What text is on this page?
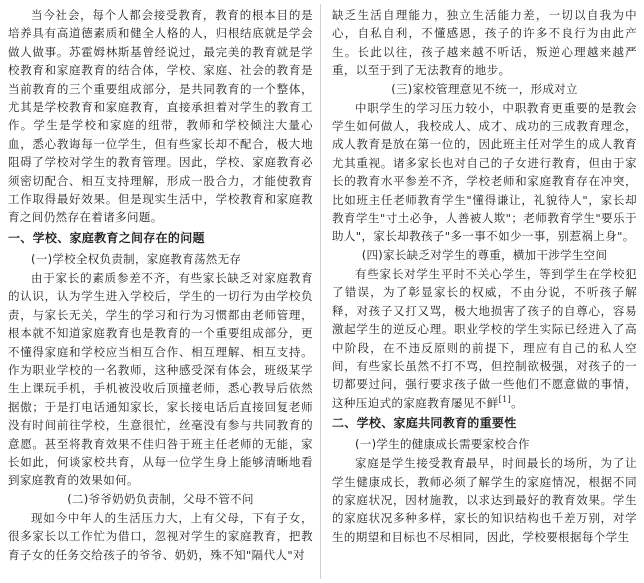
当今社会，每个人都会接受教育，教育的根本目的是培养具有高道德素质和健全人格的人，归根结底就是学会做人做事。苏霍姆林斯基曾经说过，最完美的教育就是学校教育和家庭教育的结合体，学校、家庭、社会的教育是当前教育的三个重要组成部分，是共同教育的一个整体，尤其是学校教育和家庭教育，直接承担着对学生的教育工作。学生是学校和家庭的纽带，教师和学校倾注大量心血，悉心教诲每一位学生，但有些家长却不配合，极大地阻碍了学校对学生的教育管理。因此，学校、家庭教育必须密切配合、相互支持理解，形成一股合力，才能使教育工作取得最好效果。但是现实生活中，学校教育和家庭教育之间仍然存在着诸多问题。

一、学校、家庭教育之间存在的问题
(一)学校全权负责制，家庭教育荡然无存

由于家长的素质参差不齐，有些家长缺乏对家庭教育的认识，认为学生进入学校后，学生的一切行为由学校负责，与家长无关，学生的学习和行为习惯都由老师管理，根本就不知道家庭教育也是教育的一个重要组成部分，更不懂得家庭和学校应当相互合作、相互理解、相互支持。作为职业学校的一名教师，这种感受深有体会，班级某学生上课玩手机，手机被没收后顶撞老师，悉心教导后依然据傲；于是打电话通知家长，家长接电话后直接回复老师没有时间前往学校，生意很忙，丝毫没有参与共同教育的意愿。甚至将教育效果不佳归咎于班主任老师的无能，家长如此，何谈家校共育，从每一位学生身上能够清晰地看到家庭教育的效果如何。

(二)爷爷奶奶负责制，父母不管不问

现如今中年人的生活压力大，上有父母，下有子女，很多家长以工作忙为借口，忽视对学生的家庭教育，把教育子女的任务交给孩子的爷爷、奶奶，殊不知"隔代人"对

缺乏生活自理能力，独立生活能力差，一切以自我为中心，自私自利，不懂感恩，孩子的许多不良行为由此产生。长此以往，孩子越来越不听话，叛逆心理越来越严重，以至于到了无法教育的地步。

(三)家校管理意见不统一，形成对立

中职学生的学习压力较小，中职教育更重要的是教会学生如何做人，我校成人、成才、成功的三成教育理念，成人教育是放在第一位的，因此班主任对学生的成人教育尤其重视。诸多家长也对自己的子女进行教育，但由于家长的教育水平参差不齐，学校老师和家庭教育存在冲突，比如班主任老师教育学生"懂得谦让，礼貌待人"，家长却教育学生"寸土必争，人善被人欺"；老师教育学生"要乐于助人"，家长却教孩子"多一事不如少一事，别惹祸上身"。

(四)家长缺乏对学生的尊重，横加干涉学生空间

有些家长对学生平时不关心学生，等到学生在学校犯了错误，为了彰显家长的权威，不由分说，不听孩子解释，对孩子又打又骂，极大地损害了孩子的自尊心，容易激起学生的逆反心理。职业学校的学生实际已经进入了高中阶段，在不违反原则的前提下，理应有自己的私人空间，有些家长虽然不打不骂，但控制欲极强，对孩子的一切都要过问，强行要求孩子做一些他们不愿意做的事情，这种压迫式的家庭教育屡见不鲜[1]。

二、学校、家庭共同教育的重要性
(一)学生的健康成长需要家校合作

家庭是学生接受教育最早，时间最长的场所，为了让学生健康成长，教师必须了解学生的家庭情况，根据不同的家庭状况，因材施教，以求达到最好的教育效果。学生的家庭状况多种多样，家长的知识结构也千差万别，对学生的期望和目标也不尽相同，因此，学校要根据每个学生
